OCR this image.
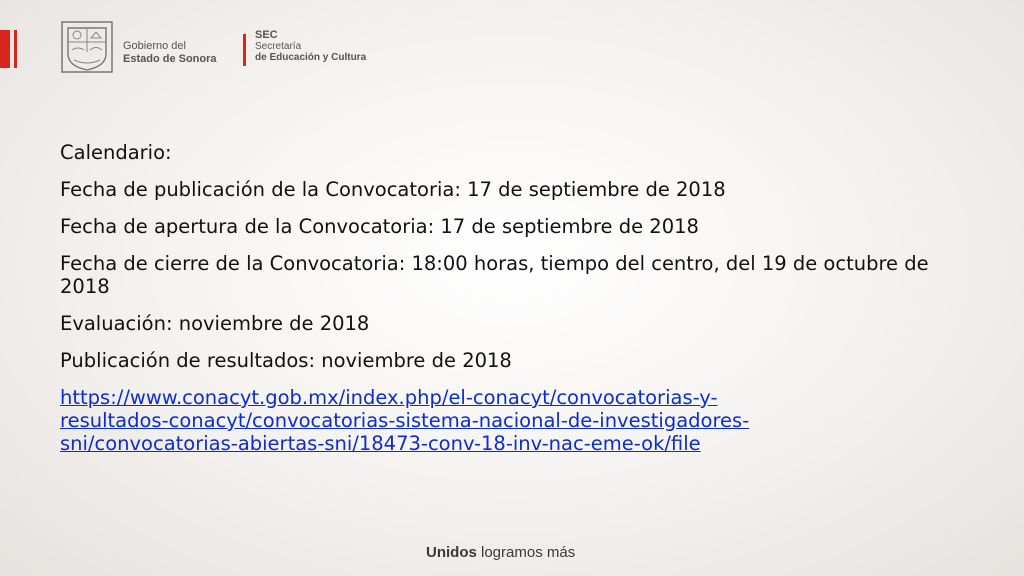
Gobierno del
Estado de Sonora
SEC
Secretaría
de Educación y Cultura

Calendario:

Fecha de publicación de la Convocatoria: 17 de septiembre de 2018

Fecha de apertura de la Convocatoria: 17 de septiembre de 2018

Fecha de cierre de la Convocatoria: 18:00 horas, tiempo del centro, del 19 de octubre de 2018

Evaluación: noviembre de 2018

Publicación de resultados: noviembre de 2018

https://www.conacyt.gob.mx/index.php/el-conacyt/convocatorias-y-
resultados-conacyt/convocatorias-sistema-nacional-de-investigadores-
sni/convocatorias-abiertas-sni/18473-conv-18-inv-nac-eme-ok/file

Unidos logramos más
